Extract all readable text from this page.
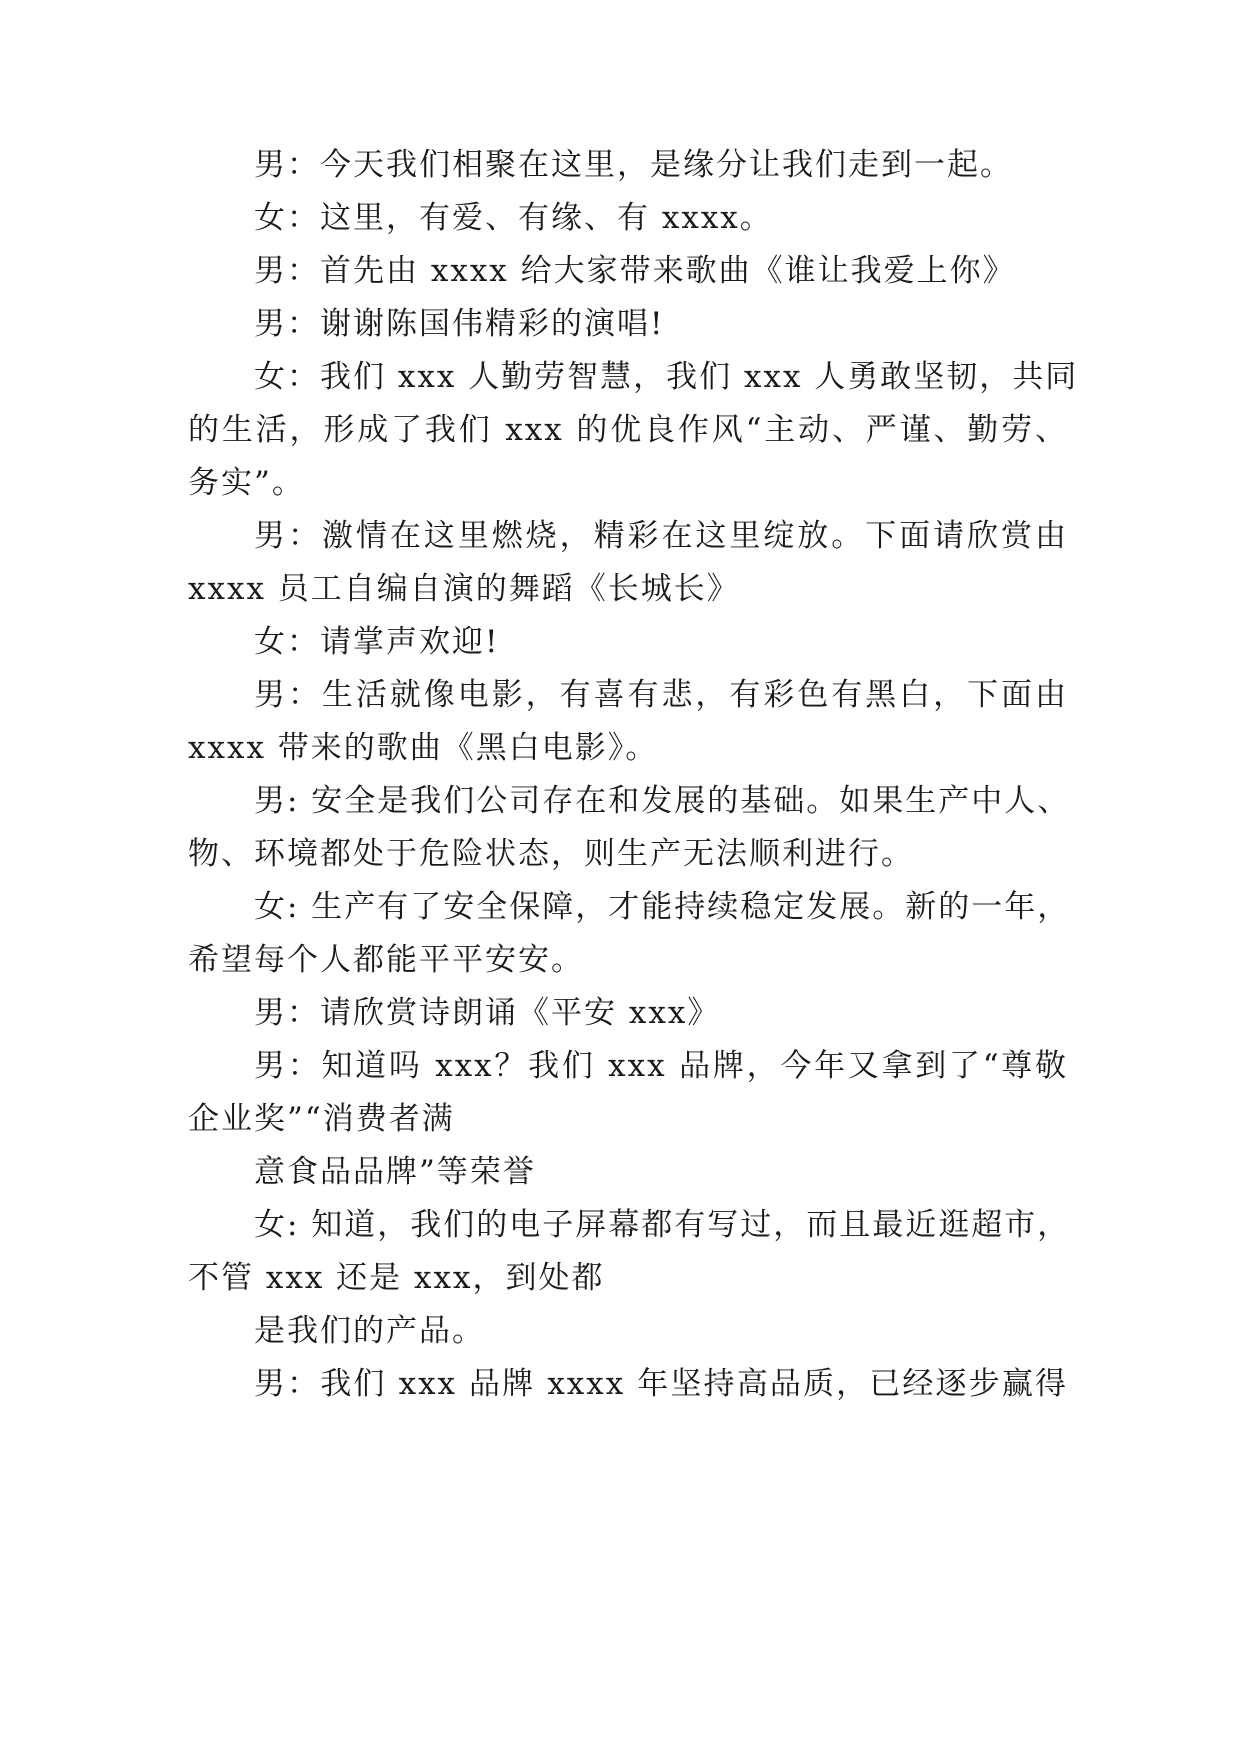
男：今天我们相聚在这里，是缘分让我们走到一起。
女：这里，有爱、有缘、有 xxxx。
男：首先由 xxxx 给大家带来歌曲《谁让我爱上你》
男：谢谢陈国伟精彩的演唱!
女：我们 xxx 人勤劳智慧，我们 xxx 人勇敢坚韧，共同
的生活，形成了我们 xxx 的优良作风“主动、严谨、勤劳、
务实”。
男：激情在这里燃烧，精彩在这里绽放。下面请欣赏由
xxxx 员工自编自演的舞蹈《长城长》
女：请掌声欢迎!
男：生活就像电影，有喜有悲，有彩色有黑白，下面由
xxxx 带来的歌曲《黑白电影》。
男: 安全是我们公司存在和发展的基础。如果生产中人、
物、环境都处于危险状态，则生产无法顺利进行。
女: 生产有了安全保障，才能持续稳定发展。新的一年，
希望每个人都能平平安安。
男：请欣赏诗朗诵《平安 xxx》
男：知道吗 xxx？我们 xxx 品牌，今年又拿到了“尊敬
企业奖”“消费者满
意食品品牌”等荣誉
女: 知道，我们的电子屏幕都有写过，而且最近逛超市，
不管 xxx 还是 xxx，到处都
是我们的产品。
男：我们 xxx 品牌 xxxx 年坚持高品质，已经逐步赢得
